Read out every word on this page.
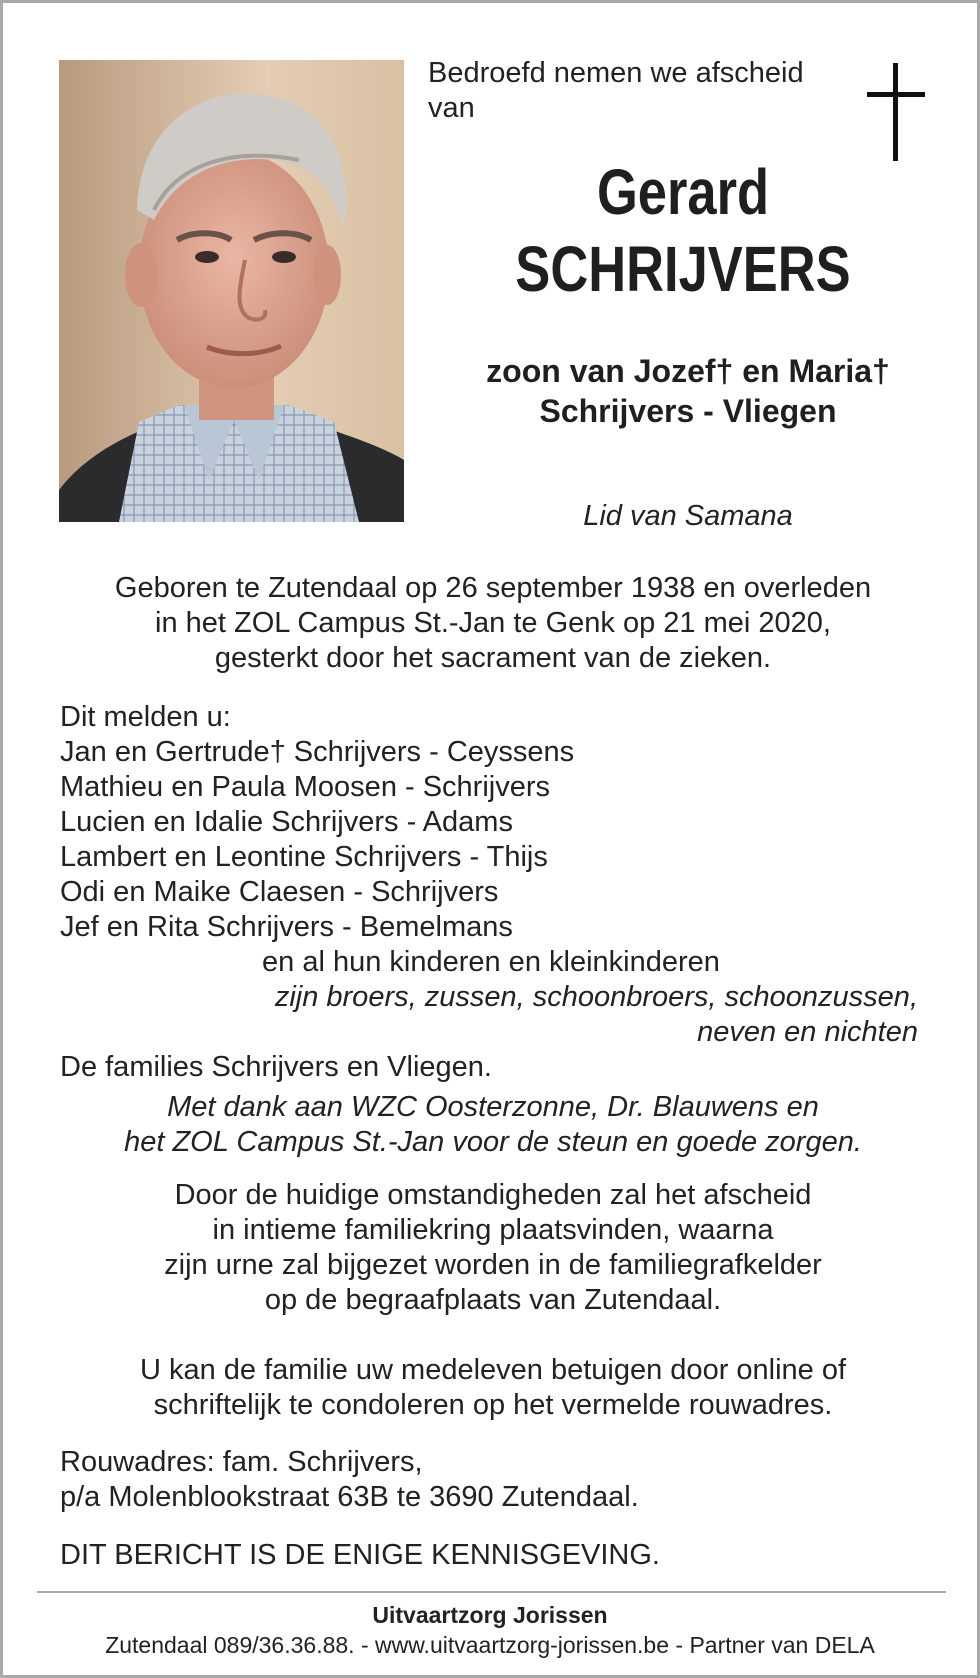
Bedroefd nemen we afscheid
van
Gerard
SCHRIJVERS
zoon van Jozef† en Maria†
Schrijvers - Vliegen
Lid van Samana
Geboren te Zutendaal op 26 september 1938 en overleden
in het ZOL Campus St.-Jan te Genk op 21 mei 2020,
gesterkt door het sacrament van de zieken.
Dit melden u:
Jan en Gertrude† Schrijvers - Ceyssens
Mathieu en Paula Moosen - Schrijvers
Lucien en Idalie Schrijvers - Adams
Lambert en Leontine Schrijvers - Thijs
Odi en Maike Claesen - Schrijvers
Jef en Rita Schrijvers - Bemelmans
en al hun kinderen en kleinkinderen
zijn broers, zussen, schoonbroers, schoonzussen,
neven en nichten
De families Schrijvers en Vliegen.
Met dank aan WZC Oosterzonne, Dr. Blauwens en
het ZOL Campus St.-Jan voor de steun en goede zorgen.
Door de huidige omstandigheden zal het afscheid
in intieme familiekring plaatsvinden, waarna
zijn urne zal bijgezet worden in de familiegrafkelder
op de begraafplaats van Zutendaal.
U kan de familie uw medeleven betuigen door online of
schriftelijk te condoleren op het vermelde rouwadres.
Rouwadres: fam. Schrijvers,
p/a Molenblookstraat 63B te 3690 Zutendaal.
DIT BERICHT IS DE ENIGE KENNISGEVING.
Uitvaartzorg Jorissen
Zutendaal 089/36.36.88. - www.uitvaartzorg-jorissen.be - Partner van DELA
